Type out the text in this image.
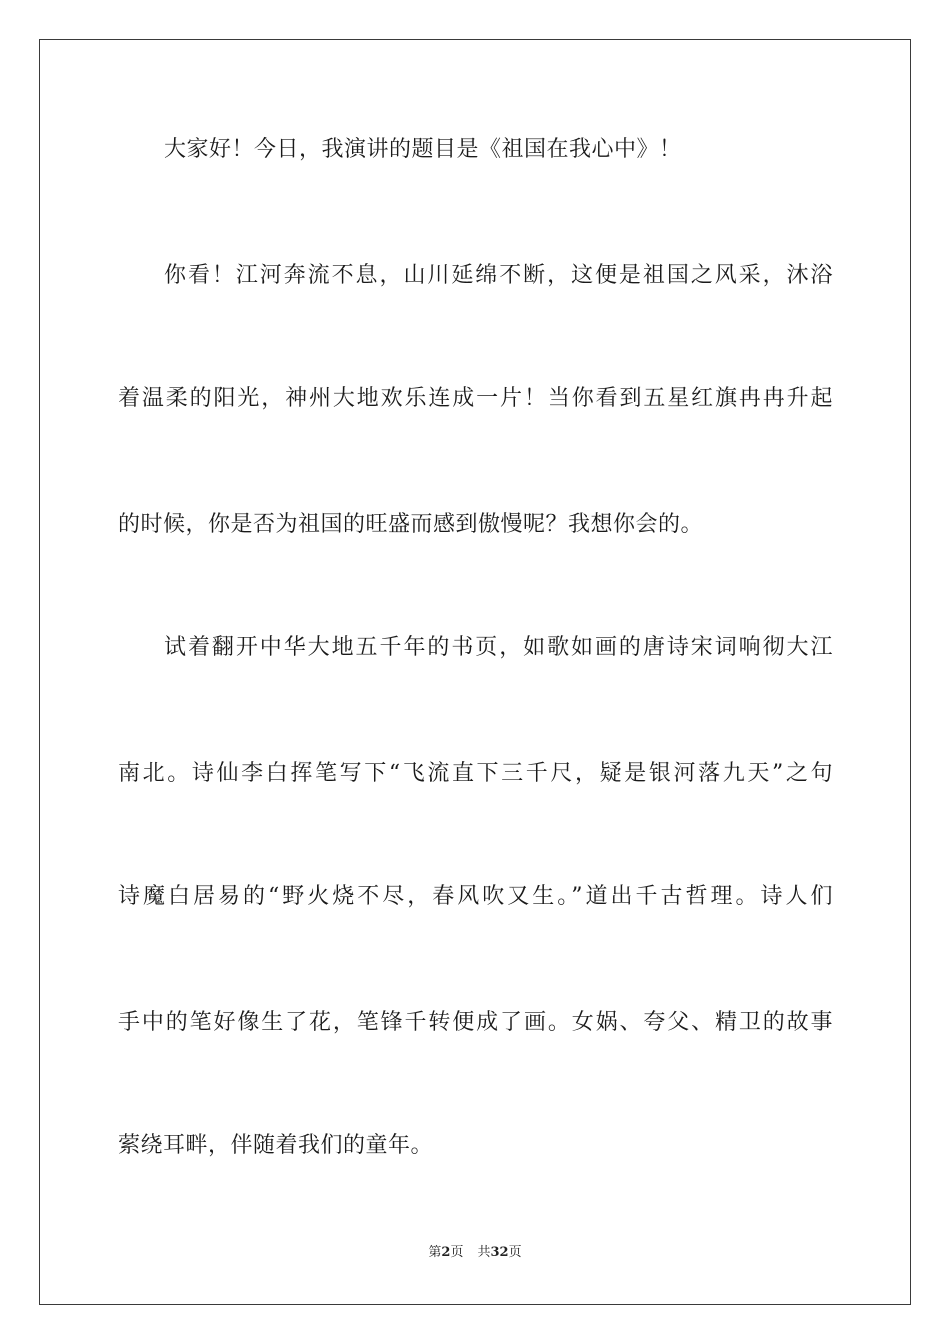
大家好！今日，我演讲的题目是《祖国在我心中》！
你看！江河奔流不息，山川延绵不断，这便是祖国之风采，沐浴
着温柔的阳光，神州大地欢乐连成一片！当你看到五星红旗冉冉升起
的时候，你是否为祖国的旺盛而感到傲慢呢？我想你会的。
试着翻开中华大地五千年的书页，如歌如画的唐诗宋词响彻大江
南北。诗仙李白挥笔写下“飞流直下三千尺，疑是银河落九天”之句
诗魔白居易的“野火烧不尽，春风吹又生。”道出千古哲理。诗人们
手中的笔好像生了花，笔锋千转便成了画。女娲、夸父、精卫的故事
萦绕耳畔，伴随着我们的童年。
第2页 共32页
